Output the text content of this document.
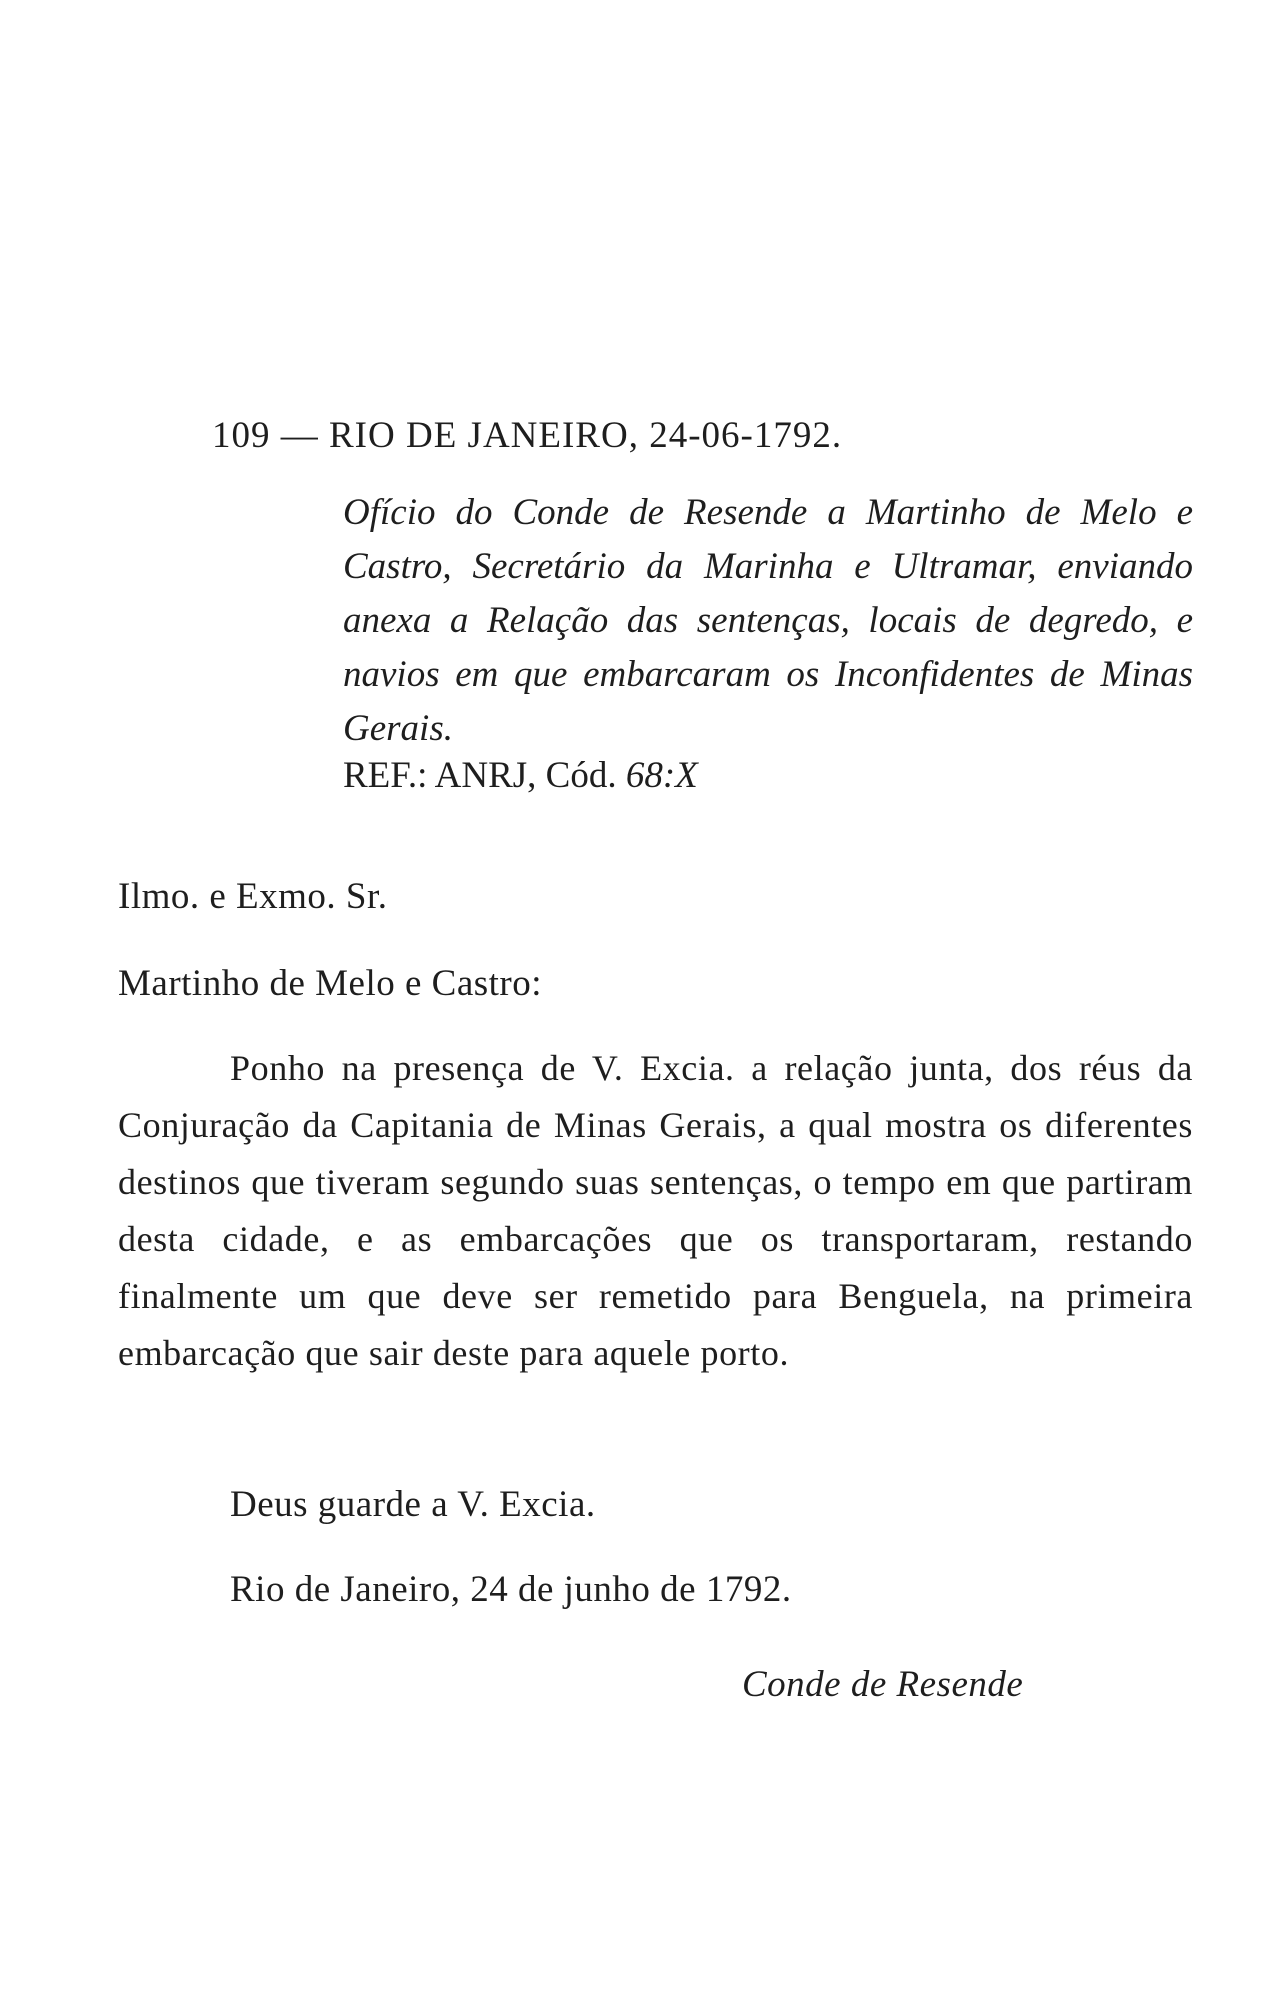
109 — RIO DE JANEIRO, 24-06-1792.

Ofício do Conde de Resende a Martinho de Melo e Castro, Secretário da Marinha e Ultramar, enviando anexa a Relação das sentenças, locais de degredo, e navios em que embarcaram os Inconfidentes de Minas Gerais.

REF.: ANRJ, Cód. 68:X
Ilmo. e Exmo. Sr.
Martinho de Melo e Castro:

Ponho na presença de V. Excia. a relação junta, dos réus da Conjuração da Capitania de Minas Gerais, a qual mostra os diferentes destinos que tiveram segundo suas sentenças, o tempo em que partiram desta cidade, e as embarcações que os transportaram, restando finalmente um que deve ser remetido para Benguela, na primeira embarcação que sair deste para aquele porto.

Deus guarde a V. Excia.
Rio de Janeiro, 24 de junho de 1792.
Conde de Resende
